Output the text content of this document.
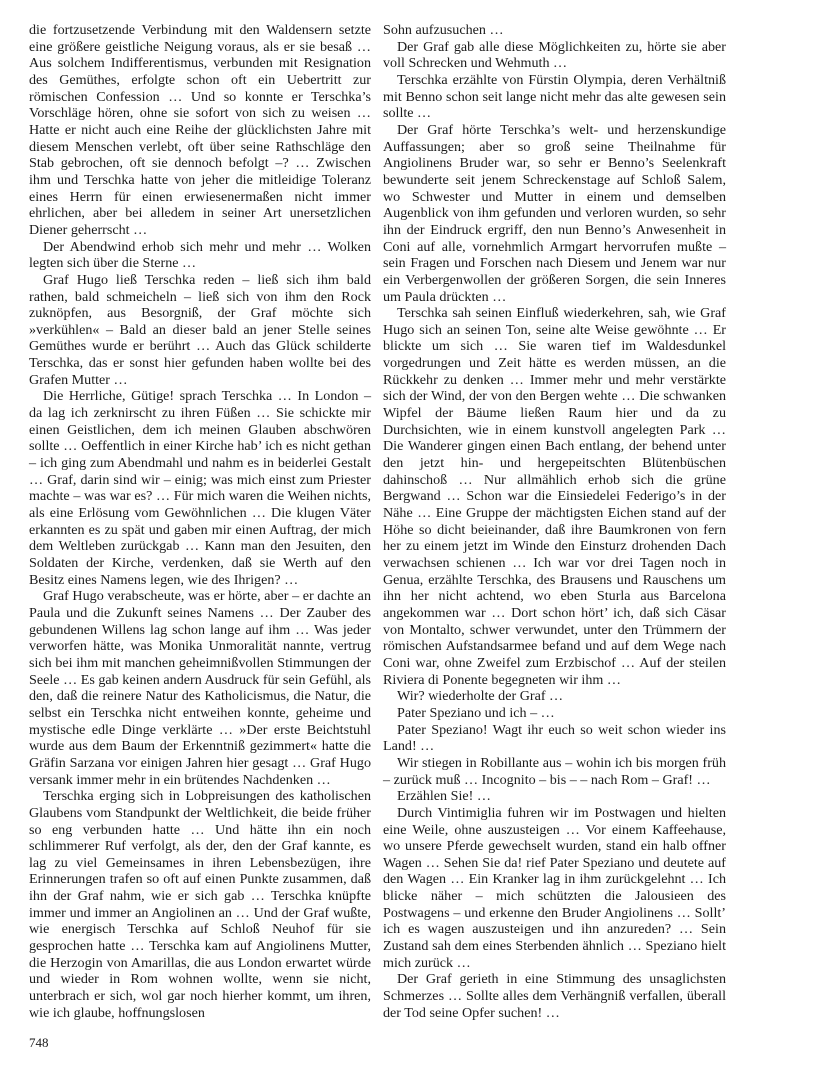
die fortzusetzende Verbindung mit den Waldensern setzte eine größere geistliche Neigung voraus, als er sie besaß … Aus solchem Indifferentismus, verbunden mit Resignation des Gemüthes, erfolgte schon oft ein Uebertritt zur römischen Confession … Und so konnte er Terschka’s Vorschläge hören, ohne sie sofort von sich zu weisen … Hatte er nicht auch eine Reihe der glücklichsten Jahre mit diesem Menschen verlebt, oft über seine Rathschläge den Stab gebrochen, oft sie dennoch befolgt –? … Zwischen ihm und Terschka hatte von jeher die mitleidige Toleranz eines Herrn für einen erwiesenermaßen nicht immer ehrlichen, aber bei alledem in seiner Art unersetzlichen Diener geherrscht …

Der Abendwind erhob sich mehr und mehr … Wolken legten sich über die Sterne …

Graf Hugo ließ Terschka reden – ließ sich ihm bald rathen, bald schmeicheln – ließ sich von ihm den Rock zuknöpfen, aus Besorgniß, der Graf möchte sich »verkühlen« – Bald an dieser bald an jener Stelle seines Gemüthes wurde er berührt … Auch das Glück schilderte Terschka, das er sonst hier gefunden haben wollte bei des Grafen Mutter …

Die Herrliche, Gütige! sprach Terschka … In London – da lag ich zerknirscht zu ihren Füßen … Sie schickte mir einen Geistlichen, dem ich meinen Glauben abschwören sollte … Oeffentlich in einer Kirche hab’ ich es nicht gethan – ich ging zum Abendmahl und nahm es in beiderlei Gestalt … Graf, darin sind wir – einig; was mich einst zum Priester machte – was war es? … Für mich waren die Weihen nichts, als eine Erlösung vom Gewöhnlichen … Die klugen Väter erkannten es zu spät und gaben mir einen Auftrag, der mich dem Weltleben zurückgab … Kann man den Jesuiten, den Soldaten der Kirche, verdenken, daß sie Werth auf den Besitz eines Namens legen, wie des Ihrigen? …

Graf Hugo verabscheute, was er hörte, aber – er dachte an Paula und die Zukunft seines Namens … Der Zauber des gebundenen Willens lag schon lange auf ihm … Was jeder verworfen hätte, was Monika Unmoralität nannte, vertrug sich bei ihm mit manchen geheimnißvollen Stimmungen der Seele … Es gab keinen andern Ausdruck für sein Gefühl, als den, daß die reinere Natur des Katholicismus, die Natur, die selbst ein Terschka nicht entweihen konnte, geheime und mystische edle Dinge verklärte … »Der erste Beichtstuhl wurde aus dem Baum der Erkenntniß gezimmert« hatte die Gräfin Sarzana vor einigen Jahren hier gesagt … Graf Hugo versank immer mehr in ein brütendes Nachdenken …

Terschka erging sich in Lobpreisungen des katholischen Glaubens vom Standpunkt der Weltlichkeit, die beide früher so eng verbunden hatte … Und hätte ihn ein noch schlimmerer Ruf verfolgt, als der, den der Graf kannte, es lag zu viel Gemeinsames in ihren Lebensbezügen, ihre Erinnerungen trafen so oft auf einen Punkte zusammen, daß ihn der Graf nahm, wie er sich gab … Terschka knüpfte immer und immer an Angiolinen an … Und der Graf wußte, wie energisch Terschka auf Schloß Neuhof für sie gesprochen hatte … Terschka kam auf Angiolinens Mutter, die Herzogin von Amarillas, die aus London erwartet würde und wieder in Rom wohnen wollte, wenn sie nicht, unterbrach er sich, wol gar noch hierher kommt, um ihren, wie ich glaube, hoffnungslosen

Sohn aufzusuchen …

Der Graf gab alle diese Möglichkeiten zu, hörte sie aber voll Schrecken und Wehmuth …

Terschka erzählte von Fürstin Olympia, deren Verhältniß mit Benno schon seit lange nicht mehr das alte gewesen sein sollte …

Der Graf hörte Terschka’s welt- und herzenskundige Auffassungen; aber so groß seine Theilnahme für Angiolinens Bruder war, so sehr er Benno’s Seelenkraft bewunderte seit jenem Schreckenstage auf Schloß Salem, wo Schwester und Mutter in einem und demselben Augenblick von ihm gefunden und verloren wurden, so sehr ihn der Eindruck ergriff, den nun Benno’s Anwesenheit in Coni auf alle, vornehmlich Armgart hervorrufen mußte – sein Fragen und Forschen nach Diesem und Jenem war nur ein Verbergenwollen der größeren Sorgen, die sein Inneres um Paula drückten …

Terschka sah seinen Einfluß wiederkehren, sah, wie Graf Hugo sich an seinen Ton, seine alte Weise gewöhnte … Er blickte um sich … Sie waren tief im Waldesdunkel vorgedrungen und Zeit hätte es werden müssen, an die Rückkehr zu denken … Immer mehr und mehr verstärkte sich der Wind, der von den Bergen wehte … Die schwanken Wipfel der Bäume ließen Raum hier und da zu Durchsichten, wie in einem kunstvoll angelegten Park … Die Wanderer gingen einen Bach entlang, der behend unter den jetzt hin- und hergepeitschten Blütenbüschen dahinschoß … Nur allmählich erhob sich die grüne Bergwand … Schon war die Einsiedelei Federigo’s in der Nähe … Eine Gruppe der mächtigsten Eichen stand auf der Höhe so dicht beieinander, daß ihre Baumkronen von fern her zu einem jetzt im Winde den Einsturz drohenden Dach verwachsen schienen … Ich war vor drei Tagen noch in Genua, erzählte Terschka, des Brausens und Rauschens um ihn her nicht achtend, wo eben Sturla aus Barcelona angekommen war … Dort schon hört’ ich, daß sich Cäsar von Montalto, schwer verwundet, unter den Trümmern der römischen Aufstandsarmee befand und auf dem Wege nach Coni war, ohne Zweifel zum Erzbischof … Auf der steilen Riviera di Ponente begegneten wir ihm …

Wir? wiederholte der Graf …

Pater Speziano und ich – …

Pater Speziano! Wagt ihr euch so weit schon wieder ins Land! …

Wir stiegen in Robillante aus – wohin ich bis morgen früh – zurück muß … Incognito – bis – – nach Rom – Graf! …

Erzählen Sie! …

Durch Vintimiglia fuhren wir im Postwagen und hielten eine Weile, ohne auszusteigen … Vor einem Kaffeehause, wo unsere Pferde gewechselt wurden, stand ein halb offner Wagen … Sehen Sie da! rief Pater Speziano und deutete auf den Wagen … Ein Kranker lag in ihm zurückgelehnt … Ich blicke näher – mich schützten die Jalousieen des Postwagens – und erkenne den Bruder Angiolinens … Sollt’ ich es wagen auszusteigen und ihn anzureden? … Sein Zustand sah dem eines Sterbenden ähnlich … Speziano hielt mich zurück …

Der Graf gerieth in eine Stimmung des unsaglichsten Schmerzes … Sollte alles dem Verhängniß verfallen, überall der Tod seine Opfer suchen! …

748
